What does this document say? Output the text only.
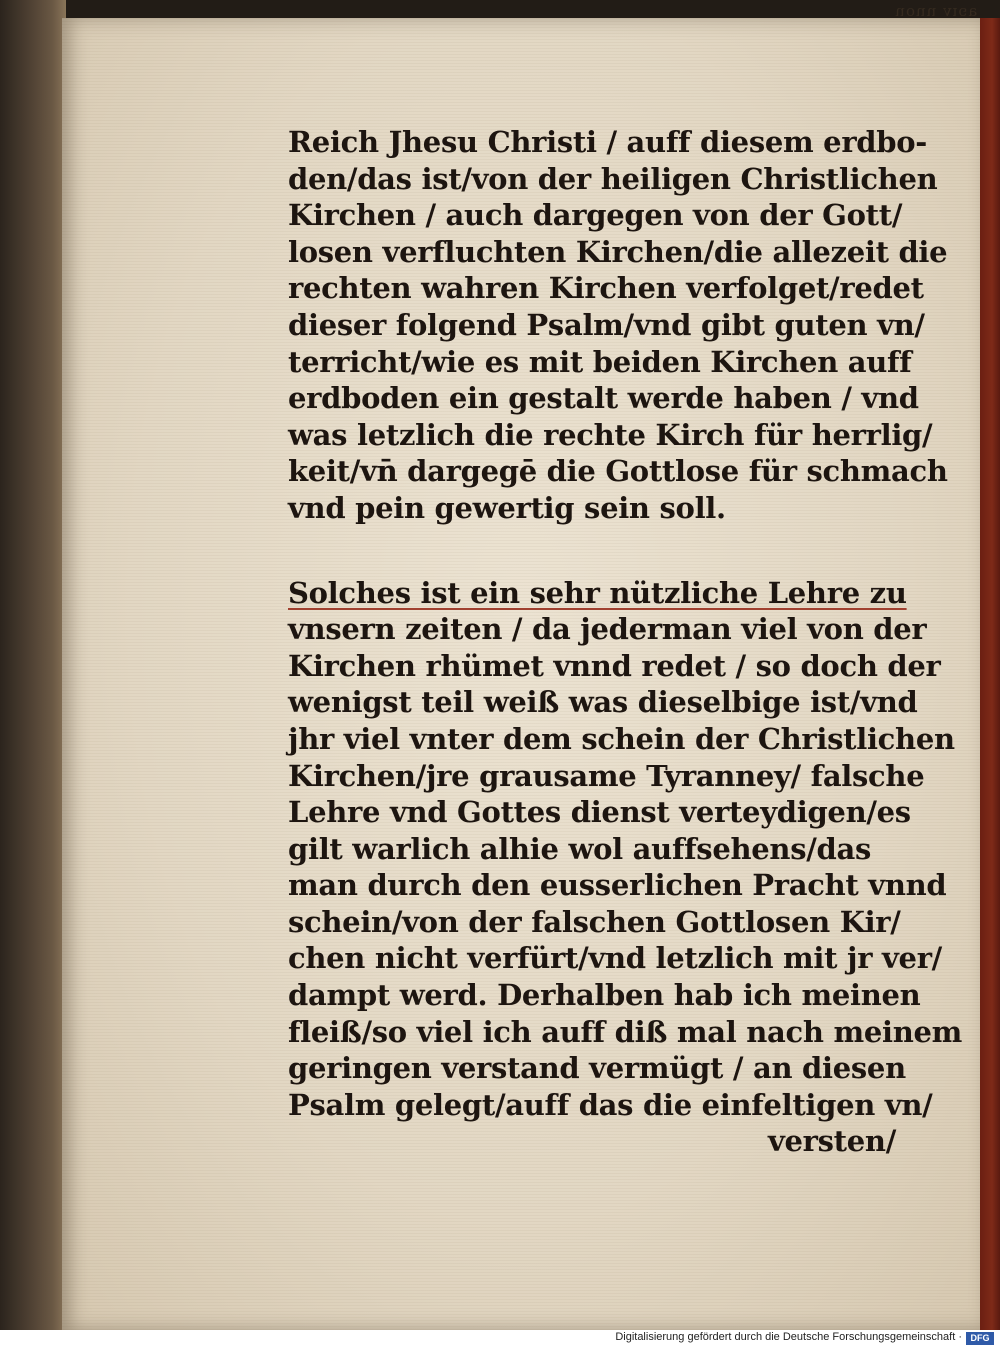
uouu ʌıɢɐ
Reich Jhesu Christi / auff diesem erdbo-
den/das ist/von der heiligen Christlichen
Kirchen / auch dargegen von der Gott/
losen verfluchten Kirchen/die allezeit die
rechten wahren Kirchen verfolget/redet
dieser folgend Psalm/vnd gibt guten vn/
terricht/wie es mit beiden Kirchen auff
erdboden ein gestalt werde haben / vnd
was letzlich die rechte Kirch für herrlig/
keit/vn̄ dargegē die Gottlose für schmach
vnd pein gewertig sein soll.
Solches ist ein sehr nützliche Lehre zu
vnsern zeiten / da jederman viel von der
Kirchen rhümet vnnd redet / so doch der
wenigst teil weiß was dieselbige ist/vnd
jhr viel vnter dem schein der Christlichen
Kirchen/jre grausame Tyranney/ falsche
Lehre vnd Gottes dienst verteydigen/es
gilt warlich alhie wol auffsehens/das
man durch den eusserlichen Pracht vnnd
schein/von der falschen Gottlosen Kir/
chen nicht verfürt/vnd letzlich mit jr ver/
dampt werd. Derhalben hab ich meinen
fleiß/so viel ich auff diß mal nach meinem
geringen verstand vermügt / an diesen
Psalm gelegt/auff das die einfeltigen vn/
versten/
Digitalisierung gefördert durch die Deutsche Forschungsgemeinschaft · DFG
